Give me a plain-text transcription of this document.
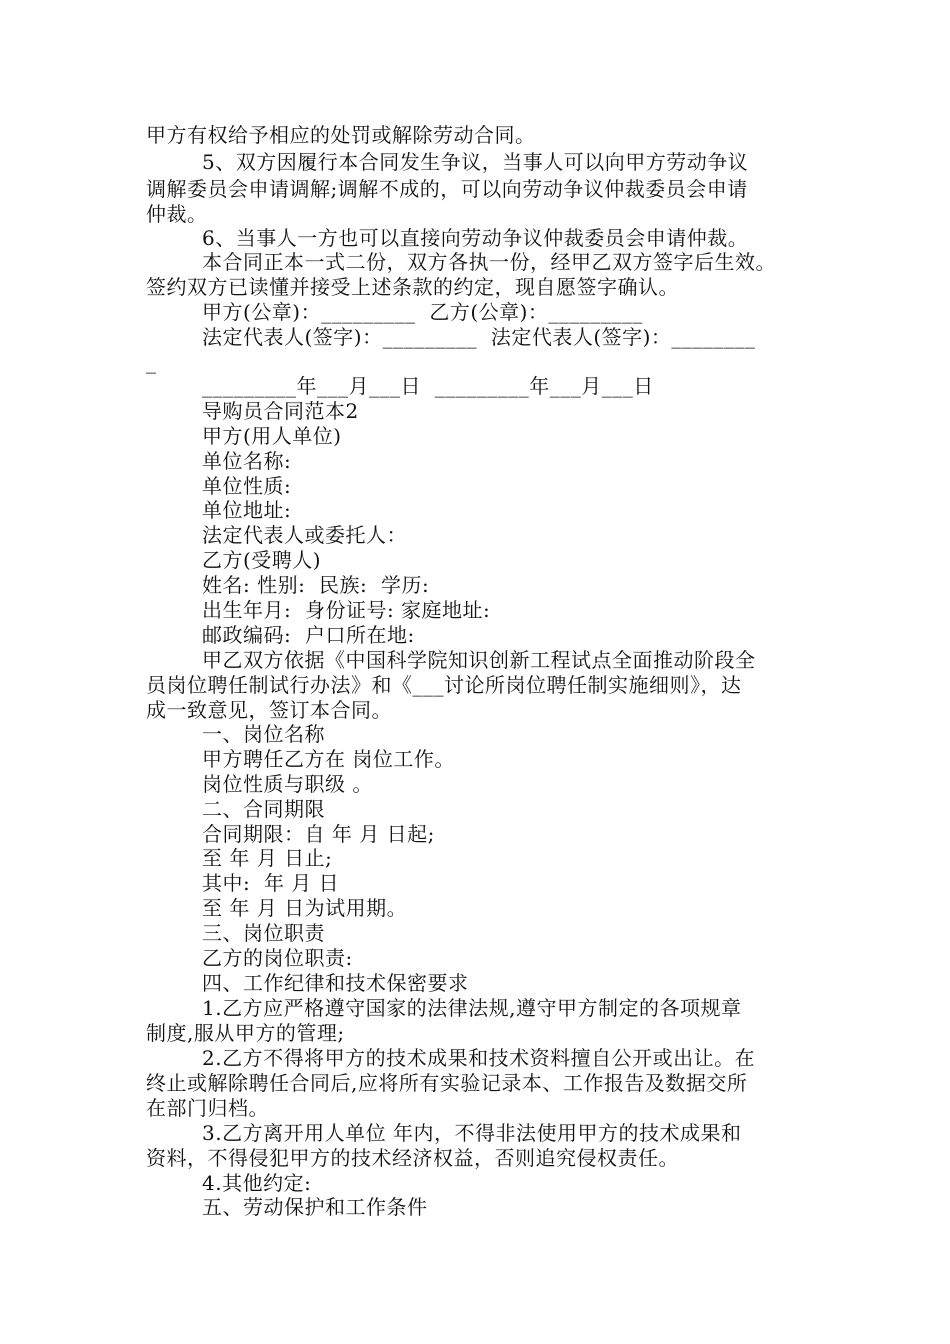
甲方有权给予相应的处罚或解除劳动合同。
5、双方因履行本合同发生争议，当事人可以向甲方劳动争议
调解委员会申请调解;调解不成的，可以向劳动争议仲裁委员会申请
仲裁。
6、当事人一方也可以直接向劳动争议仲裁委员会申请仲裁。
本合同正本一式二份，双方各执一份，经甲乙双方签字后生效。
签约双方已读懂并接受上述条款的约定，现自愿签字确认。
甲方(公章)：_________  乙方(公章)：_________
法定代表人(签字)：_________  法定代表人(签字)：________
_
_________年___月___日  _________年___月___日
导购员合同范本2
甲方(用人单位)
单位名称:
单位性质:
单位地址:
法定代表人或委托人：
乙方(受聘人)
姓名: 性别:  民族:  学历:
出生年月:  身份证号: 家庭地址:
邮政编码:  户口所在地:
甲乙双方依据《中国科学院知识创新工程试点全面推动阶段全
员岗位聘任制试行办法》和《___讨论所岗位聘任制实施细则》，达
成一致意见，签订本合同。
一、岗位名称
甲方聘任乙方在 岗位工作。
岗位性质与职级 。
二、合同期限
合同期限：自 年 月 日起;
至 年 月 日止;
其中:  年 月 日
至 年 月 日为试用期。
三、岗位职责
乙方的岗位职责:
四、工作纪律和技术保密要求
1.乙方应严格遵守国家的法律法规,遵守甲方制定的各项规章
制度,服从甲方的管理;
2.乙方不得将甲方的技术成果和技术资料擅自公开或出让。在
终止或解除聘任合同后,应将所有实验记录本、工作报告及数据交所
在部门归档。
3.乙方离开用人单位 年内，不得非法使用甲方的技术成果和
资料，不得侵犯甲方的技术经济权益，否则追究侵权责任。
4.其他约定:
五、劳动保护和工作条件
